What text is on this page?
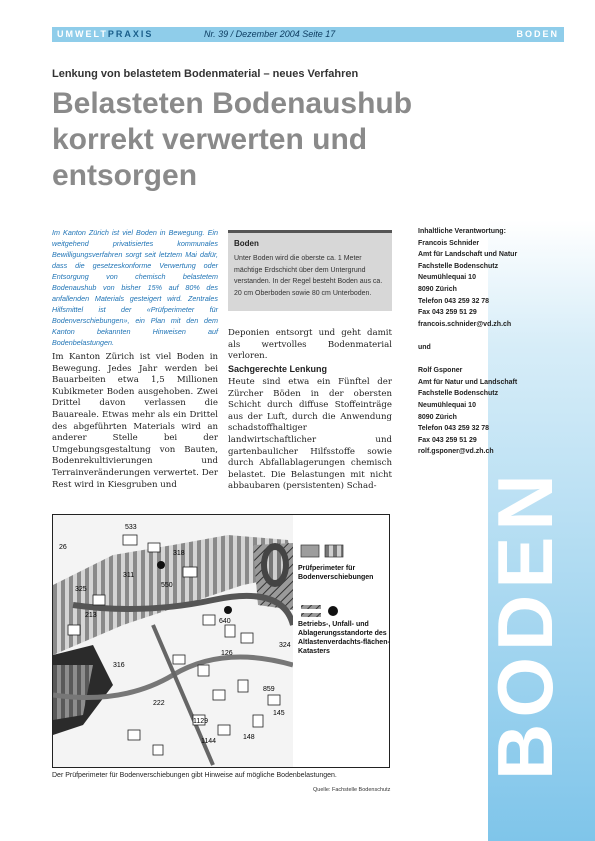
BODEN
UMWELTPRAXIS	Nr. 39 / Dezember 2004 Seite 17	BODEN
Lenkung von belastetem Bodenmaterial – neues Verfahren
Belasteten Bodenaushub korrekt verwerten und entsorgen

Im Kanton Zürich ist viel Boden in Bewegung. Ein weitgehend privatisiertes kommunales Bewilligungsverfahren sorgt seit letztem Mai dafür, dass die gesetzeskonforme Verwertung oder Entsorgung von chemisch belastetem Bodenaushub von bisher 15% auf 80% des anfallenden Materials gesteigert wird. Zentrales Hilfsmittel ist der «Prüfperimeter für Bodenverschiebungen», ein Plan mit den dem Kanton bekannten Hinweisen auf Bodenbelastungen.

Im Kanton Zürich ist viel Boden in Bewegung. Jedes Jahr werden bei Bauarbeiten etwa 1,5 Millionen Kubikmeter Boden ausgehoben. Zwei Drittel davon verlassen die Bauareale. Etwas mehr als ein Drittel des abgeführten Materials wird an anderer Stelle bei der Umgebungsgestaltung von Bauten, Bodenrekultivierungen und Terrainveränderungen verwertet. Der Rest wird in Kiesgruben und

Boden
Unter Boden wird die oberste ca. 1 Meter mächtige Erdschicht über dem Untergrund verstanden. In der Regel besteht Boden aus ca. 20 cm Oberboden sowie 80 cm Unterboden.

Deponien entsorgt und geht damit als wertvolles Bodenmaterial verloren.

Sachgerechte Lenkung

Heute sind etwa ein Fünftel der Zürcher Böden in der obersten Schicht durch diffuse Stoffeinträge aus der Luft, durch die Anwendung schadstoffhaltiger landwirtschaftlicher und gartenbaulicher Hilfsstoffe sowie durch Abfallablagerungen chemisch belastet. Die Belastungen mit nicht abbaubaren (persistenten) Schad-

Inhaltliche Verantwortung:
Francois Schnider
Amt für Landschaft und Natur
Fachstelle Bodenschutz
Neumühlequai 10
8090 Zürich
Telefon 043 259 32 78
Fax 043 259 51 29
francois.schnider@vd.zh.ch
und
Rolf Gsponer
Amt für Natur und Landschaft
Fachstelle Bodenschutz
Neumühlequai 10
8090 Zürich
Telefon 043 259 32 78
Fax 043 259 51 29
rolf.gsponer@vd.zh.ch
533
26
311
325
318
213
550
640
324
1129
1144
859
145
316
222
126
148
Prüfperimeter für Bodenverschiebungen
Betriebs-, Unfall- und Ablagerungsstandorte des Altlastenverdachts-flächen-Katasters
Der Prüfperimeter für Bodenverschiebungen gibt Hinweise auf mögliche Bodenbelastungen.
Quelle: Fachstelle Bodenschutz
